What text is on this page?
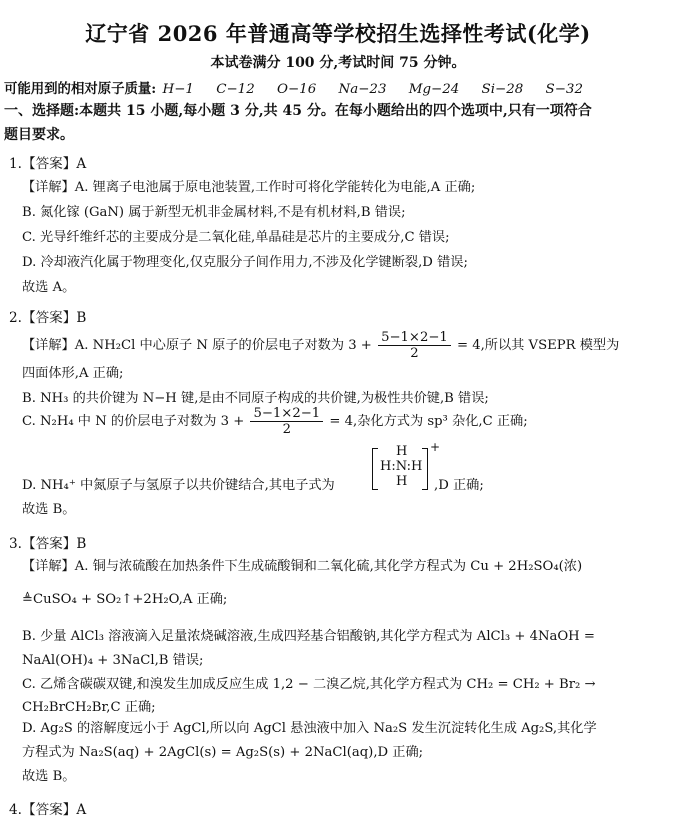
辽宁省 2026 年普通高等学校招生选择性考试(化学)
本试卷满分 100 分,考试时间 75 分钟。
可能用到的相对原子质量: H−1 C−12 O−16 Na−23 Mg−24 Si−28 S−32
一、选择题:本题共 15 小题,每小题 3 分,共 45 分。在每小题给出的四个选项中,只有一项符合
题目要求。
1.【答案】A
【详解】A. 锂离子电池属于原电池装置,工作时可将化学能转化为电能,A 正确;
B. 氮化镓 (GaN) 属于新型无机非金属材料,不是有机材料,B 错误;
C. 光导纤维纤芯的主要成分是二氧化硅,单晶硅是芯片的主要成分,C 错误;
D. 冷却液汽化属于物理变化,仅克服分子间作用力,不涉及化学键断裂,D 错误;
故选 A。
2.【答案】B
【详解】A. NH₂Cl 中心原子 N 原子的价层电子对数为 $3 + \frac{5-1\times 2-1}{2} = 4$,所以其 VSEPR 模型为
四面体形,A 正确;
B. NH₃ 的共价键为 N−H 键,是由不同原子构成的共价键,为极性共价键,B 错误;
C. N₂H₄ 中 N 的价层电子对数为 $3 + \frac{5-1\times 2-1}{2} = 4$,杂化方式为 sp³ 杂化,C 正确;
D. NH₄⁺ 中氮原子与氢原子以共价键结合,其电子式为
H
H:N:H
H
+
,D 正确;
故选 B。
3.【答案】B
【详解】A. 铜与浓硫酸在加热条件下生成硫酸铜和二氧化硫,其化学方程式为 Cu + 2H₂SO₄(浓)
≜CuSO₄ + SO₂↑+2H₂O,A 正确;
B. 少量 AlCl₃ 溶液滴入足量浓烧碱溶液,生成四羟基合铝酸钠,其化学方程式为 AlCl₃ + 4NaOH =
NaAl(OH)₄ + 3NaCl,B 错误;
C. 乙烯含碳碳双键,和溴发生加成反应生成 1,2 − 二溴乙烷,其化学方程式为 CH₂ = CH₂ + Br₂ →
CH₂BrCH₂Br,C 正确;
D. Ag₂S 的溶解度远小于 AgCl,所以向 AgCl 悬浊液中加入 Na₂S 发生沉淀转化生成 Ag₂S,其化学
方程式为 Na₂S(aq) + 2AgCl(s) = Ag₂S(s) + 2NaCl(aq),D 正确;
故选 B。
4.【答案】A
